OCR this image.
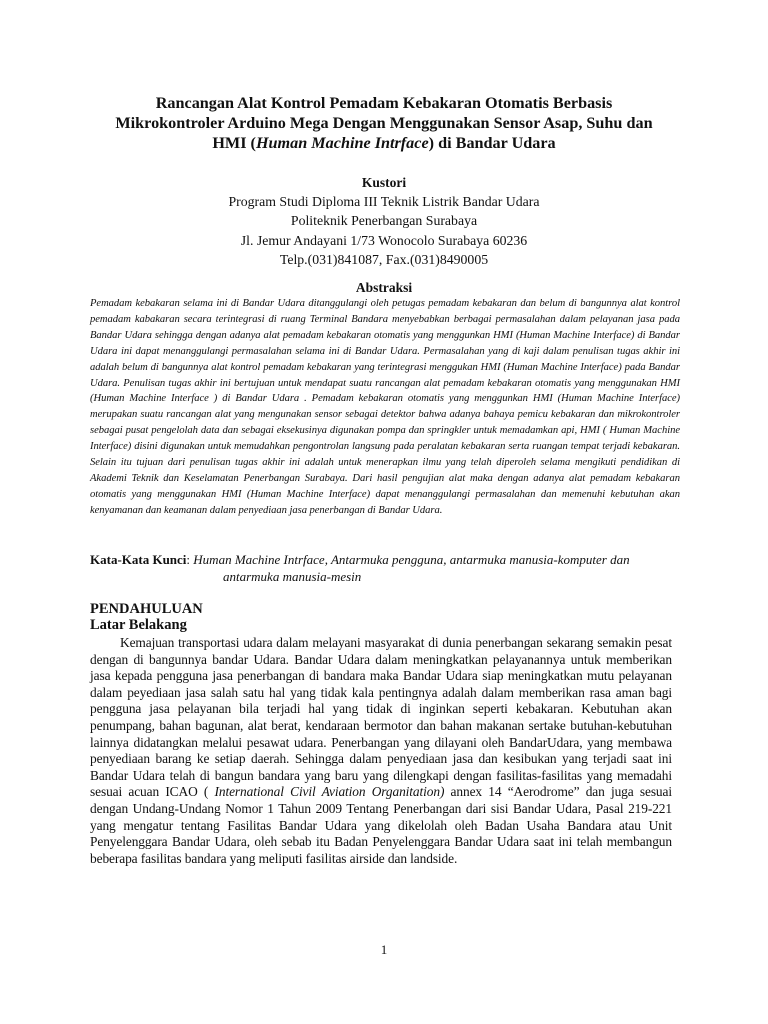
Rancangan Alat Kontrol Pemadam Kebakaran Otomatis Berbasis
Mikrokontroler Arduino Mega Dengan Menggunakan Sensor Asap, Suhu dan
HMI (Human Machine Intrface) di Bandar Udara
Kustori
Program Studi Diploma III Teknik Listrik Bandar Udara
Politeknik Penerbangan Surabaya
Jl. Jemur Andayani 1/73 Wonocolo Surabaya 60236
Telp.(031)841087, Fax.(031)8490005
Abstraksi
Pemadam kebakaran selama ini di Bandar Udara ditanggulangi oleh petugas pemadam kebakaran dan belum di bangunnya alat kontrol pemadam kabakaran secara terintegrasi di ruang Terminal Bandara menyebabkan berbagai permasalahan dalam pelayanan jasa pada Bandar Udara sehingga dengan adanya alat pemadam kebakaran otomatis yang menggunkan HMI (Human Machine Interface) di Bandar Udara ini dapat menanggulangi permasalahan selama ini di Bandar Udara. Permasalahan yang di kaji dalam penulisan tugas akhir ini adalah belum di bangunnya alat kontrol pemadam kebakaran yang terintegrasi menggukan HMI (Human Machine Interface) pada Bandar Udara. Penulisan tugas akhir ini bertujuan untuk mendapat suatu rancangan alat pemadam kebakaran otomatis yang menggunakan HMI (Human Machine Interface ) di Bandar Udara . Pemadam kebakaran otomatis yang menggunkan HMI (Human Machine Interface) merupakan suatu rancangan alat yang mengunakan sensor sebagai detektor bahwa adanya bahaya pemicu kebakaran dan mikrokontroler sebagai pusat pengelolah data dan sebagai eksekusinya digunakan pompa dan springkler untuk memadamkan api, HMI ( Human Machine Interface) disini digunakan untuk memudahkan pengontrolan langsung pada peralatan kebakaran serta ruangan tempat terjadi kebakaran. Selain itu tujuan dari penulisan tugas akhir ini adalah untuk menerapkan ilmu yang telah diperoleh selama mengikuti pendidikan di Akademi Teknik dan Keselamatan Penerbangan Surabaya. Dari hasil pengujian alat maka dengan adanya alat pemadam kebakaran otomatis yang menggunakan HMI (Human Machine Interface) dapat menanggulangi permasalahan dan memenuhi kebutuhan akan kenyamanan dan keamanan dalam penyediaan jasa penerbangan di Bandar Udara.
Kata-Kata Kunci: Human Machine Intrface, Antarmuka pengguna, antarmuka manusia-komputer dan
antarmuka manusia-mesin
PENDAHULUAN
Latar Belakang
Kemajuan transportasi udara dalam melayani masyarakat di dunia penerbangan sekarang semakin pesat dengan di bangunnya bandar Udara. Bandar Udara dalam meningkatkan pelayanannya untuk memberikan jasa kepada pengguna jasa penerbangan di bandara maka Bandar Udara siap meningkatkan mutu pelayanan dalam peyediaan jasa salah satu hal yang tidak kala pentingnya adalah dalam memberikan rasa aman bagi pengguna jasa pelayanan bila terjadi hal yang tidak di inginkan seperti kebakaran. Kebutuhan akan penumpang, bahan bagunan, alat berat, kendaraan bermotor dan bahan makanan sertake butuhan-kebutuhan lainnya didatangkan melalui pesawat udara. Penerbangan yang dilayani oleh BandarUdara, yang membawa penyediaan barang ke setiap daerah. Sehingga dalam penyediaan jasa dan kesibukan yang terjadi saat ini Bandar Udara telah di bangun bandara yang baru yang dilengkapi dengan fasilitas-fasilitas yang memadahi sesuai acuan ICAO ( International Civil Aviation Organitation) annex 14 “Aerodrome” dan juga sesuai dengan Undang-Undang Nomor 1 Tahun 2009 Tentang Penerbangan dari sisi Bandar Udara, Pasal 219-221 yang mengatur tentang Fasilitas Bandar Udara yang dikelolah oleh Badan Usaha Bandara atau Unit Penyelenggara Bandar Udara, oleh sebab itu Badan Penyelenggara Bandar Udara saat ini telah membangun beberapa fasilitas bandara yang meliputi fasilitas airside dan landside.
1
